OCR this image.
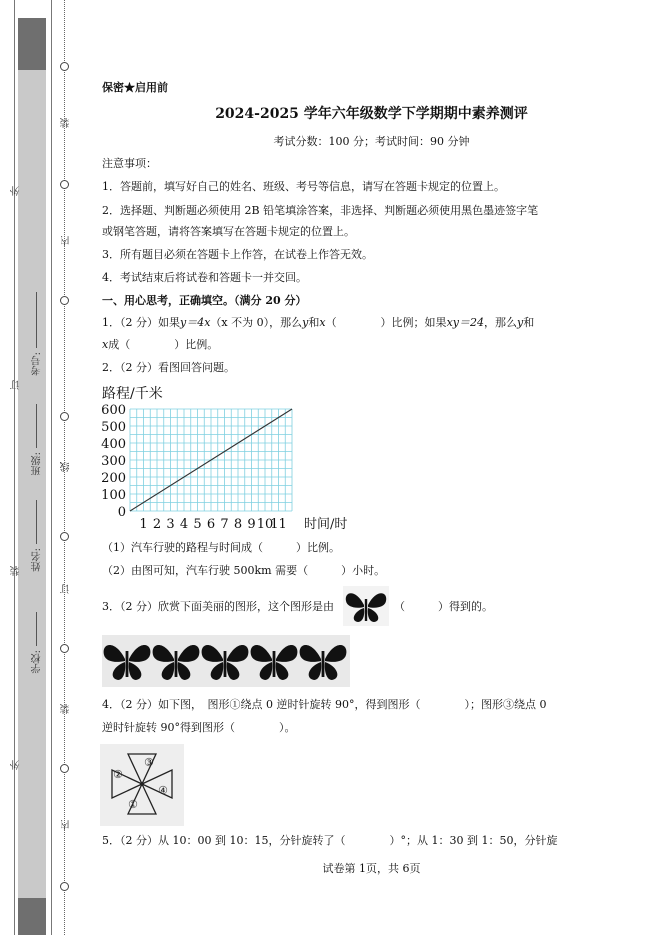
外
订
装
外
学校:
姓名:
班级:
考号:
装
内
线
订
装
内
保密★启用前
2024-2025 学年六年级数学下学期期中素养测评
考试分数：100 分；考试时间：90 分钟
注意事项：
1．答题前，填写好自己的姓名、班级、考号等信息，请写在答题卡规定的位置上。
2．选择题、判断题必须使用 2B 铅笔填涂答案，非选择、判断题必须使用黑色墨迹签字笔
或钢笔答题，请将答案填写在答题卡规定的位置上。
3．所有题目必须在答题卡上作答，在试卷上作答无效。
4．考试结束后将试卷和答题卡一并交回。
一、用心思考，正确填空。（满分 20 分）
1．（2 分）如果y＝4x（x 不为 0），那么y和x（　　　　）比例；如果xy＝24，那么y和
x成（　　　　）比例。
2．（2 分）看图回答问题。
路程/千米
0
100
200
300
400
500
600
1 2 3 4 5 6 7 8 9 10
11 时间/时
（1）汽车行驶的路程与时间成（　　　）比例。
（2）由图可知，汽车行驶 500km 需要（　　　）小时。
3．（2 分）欣赏下面美丽的图形，这个图形是由	（　　　）得到的。
4．（2 分）如下图，　图形①绕点 0 逆时针旋转 90°，得到图形（　　　　）；图形③绕点 0
逆时针旋转 90°得到图形（　　　　）。
③
②
①
④
5．（2 分）从 10：00 到 10：15，分针旋转了（　　　　）°；从 1：30 到 1：50，分针旋
试卷第 1页，共 6页
